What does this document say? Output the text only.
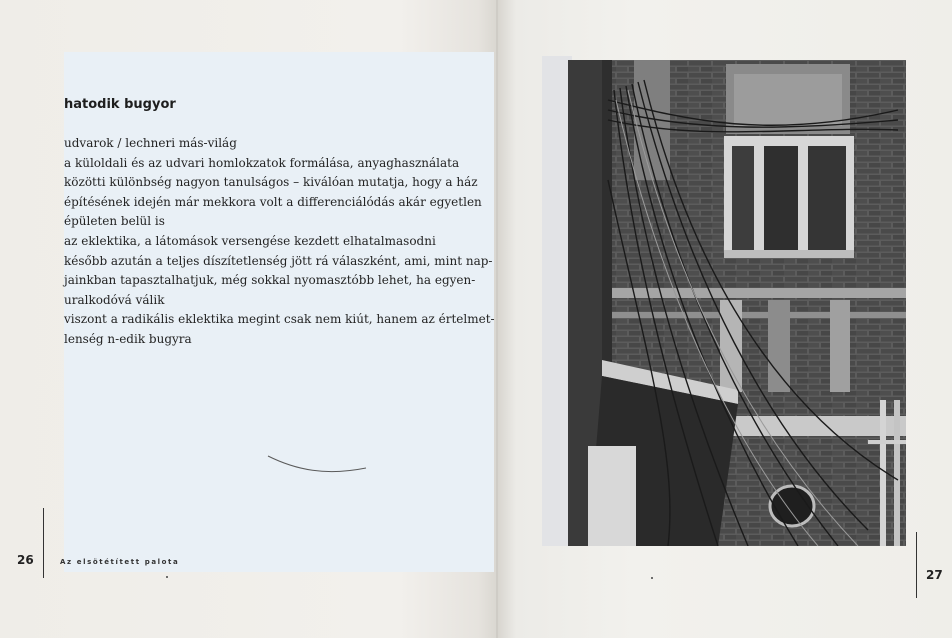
hatodik bugyor
udvarok / lechneri más-világ
a küloldali és az udvari homlokzatok formálása, anyaghasználata
közötti különbség nagyon tanulságos – kiválóan mutatja, hogy a ház
építésének idején már mekkora volt a differenciálódás akár egyetlen
épületen belül is
az eklektika, a látomások versengése kezdett elhatalmasodni
később azután a teljes díszítetlenség jött rá válaszként, ami, mint nap-
jainkban tapasztalhatjuk, még sokkal nyomasztóbb lehet, ha egyen-
uralkodóvá válik
viszont a radikális eklektika megint csak nem kiút, hanem az értelmet-
lenség n-edik bugyra
26	Az elsötétített palota
27
